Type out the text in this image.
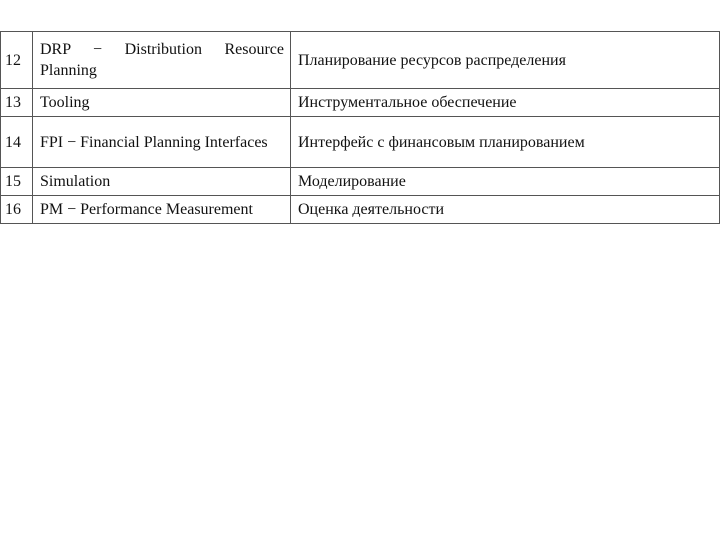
12	DRP − Distribution Resource Planning	Планирование ресурсов распределения
13	Tooling	Инструментальное обеспечение
14	FPI − Financial Planning Interfaces	Интерфейс с финансовым планированием
15	Simulation	Моделирование
16	PM − Performance Measurement	Оценка деятельности
